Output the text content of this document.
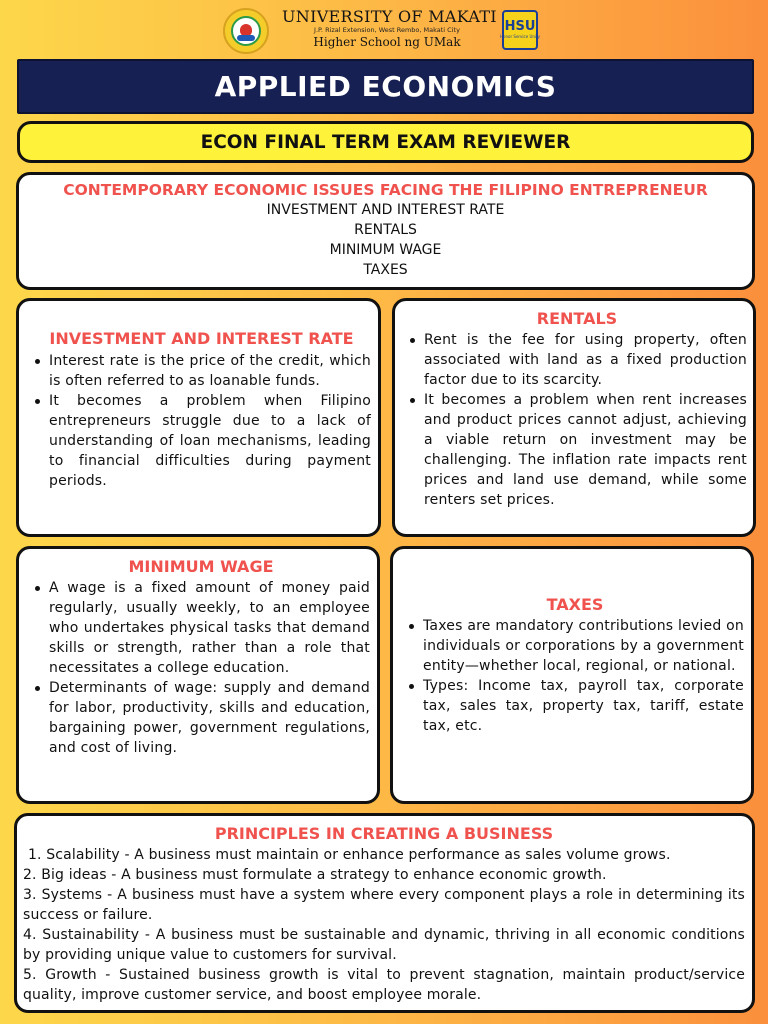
UNIVERSITY OF MAKATI
J.P. Rizal Extension, West Rembo, Makati City
Higher School ng UMak
HSU
Honor Service Unity
APPLIED ECONOMICS
ECON FINAL TERM EXAM REVIEWER
CONTEMPORARY ECONOMIC ISSUES FACING THE FILIPINO ENTREPRENEUR
INVESTMENT AND INTEREST RATE
RENTALS
MINIMUM WAGE
TAXES
INVESTMENT AND INTEREST RATE
Interest rate is the price of the credit, which is often referred to as loanable funds.
It becomes a problem when Filipino entrepreneurs struggle due to a lack of understanding of loan mechanisms, leading to financial difficulties during payment periods.
RENTALS
Rent is the fee for using property, often associated with land as a fixed production factor due to its scarcity.
It becomes a problem when rent increases and product prices cannot adjust, achieving a viable return on investment may be challenging. The inflation rate impacts rent prices and land use demand, while some renters set prices.
MINIMUM WAGE
A wage is a fixed amount of money paid regularly, usually weekly, to an employee who undertakes physical tasks that demand skills or strength, rather than a role that necessitates a college education.
Determinants of wage: supply and demand for labor, productivity, skills and education, bargaining power, government regulations, and cost of living.
TAXES
Taxes are mandatory contributions levied on individuals or corporations by a government entity—whether local, regional, or national.
Types: Income tax, payroll tax, corporate tax, sales tax, property tax, tariff, estate tax, etc.
PRINCIPLES IN CREATING A BUSINESS
1. Scalability - A business must maintain or enhance performance as sales volume grows.
2. Big ideas - A business must formulate a strategy to enhance economic growth.
3. Systems - A business must have a system where every component plays a role in determining its success or failure.
4. Sustainability - A business must be sustainable and dynamic, thriving in all economic conditions by providing unique value to customers for survival.
5. Growth - Sustained business growth is vital to prevent stagnation, maintain product/service quality, improve customer service, and boost employee morale.
